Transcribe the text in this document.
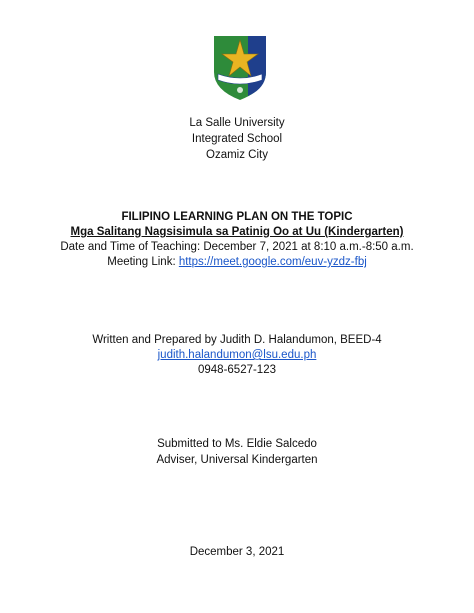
La Salle University
Integrated School
Ozamiz City
FILIPINO LEARNING PLAN ON THE TOPIC
Mga Salitang Nagsisimula sa Patinig Oo at Uu (Kindergarten)
Date and Time of Teaching: December 7, 2021 at 8:10 a.m.-8:50 a.m.
Meeting Link: https://meet.google.com/euv-yzdz-fbj
Written and Prepared by Judith D. Halandumon, BEED-4
judith.halandumon@lsu.edu.ph
0948-6527-123
Submitted to Ms. Eldie Salcedo
Adviser, Universal Kindergarten
December 3, 2021
